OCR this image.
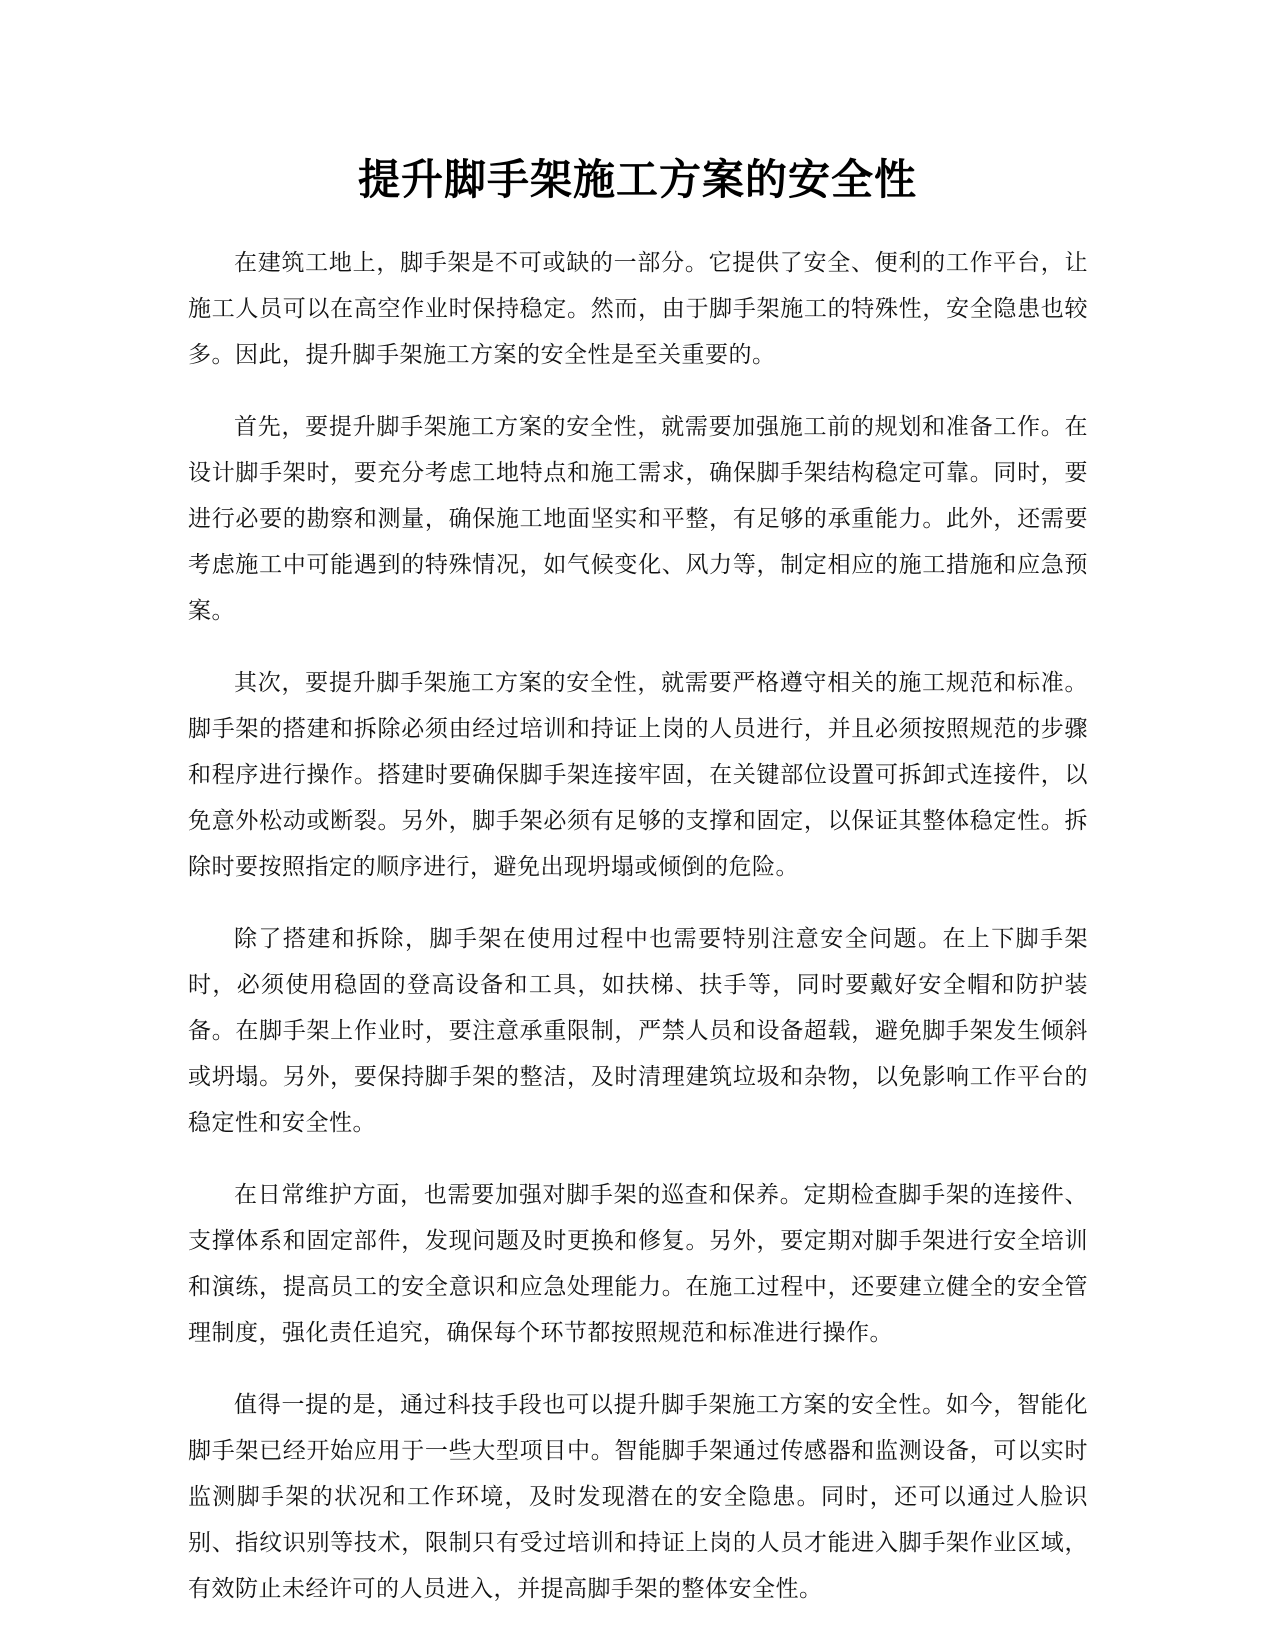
提升脚手架施工方案的安全性

在建筑工地上，脚手架是不可或缺的一部分。它提供了安全、便利的工作平台，让施工人员可以在高空作业时保持稳定。然而，由于脚手架施工的特殊性，安全隐患也较多。因此，提升脚手架施工方案的安全性是至关重要的。

首先，要提升脚手架施工方案的安全性，就需要加强施工前的规划和准备工作。在设计脚手架时，要充分考虑工地特点和施工需求，确保脚手架结构稳定可靠。同时，要进行必要的勘察和测量，确保施工地面坚实和平整，有足够的承重能力。此外，还需要考虑施工中可能遇到的特殊情况，如气候变化、风力等，制定相应的施工措施和应急预案。

其次，要提升脚手架施工方案的安全性，就需要严格遵守相关的施工规范和标准。脚手架的搭建和拆除必须由经过培训和持证上岗的人员进行，并且必须按照规范的步骤和程序进行操作。搭建时要确保脚手架连接牢固，在关键部位设置可拆卸式连接件，以免意外松动或断裂。另外，脚手架必须有足够的支撑和固定，以保证其整体稳定性。拆除时要按照指定的顺序进行，避免出现坍塌或倾倒的危险。

除了搭建和拆除，脚手架在使用过程中也需要特别注意安全问题。在上下脚手架时，必须使用稳固的登高设备和工具，如扶梯、扶手等，同时要戴好安全帽和防护装备。在脚手架上作业时，要注意承重限制，严禁人员和设备超载，避免脚手架发生倾斜或坍塌。另外，要保持脚手架的整洁，及时清理建筑垃圾和杂物，以免影响工作平台的稳定性和安全性。

在日常维护方面，也需要加强对脚手架的巡查和保养。定期检查脚手架的连接件、支撑体系和固定部件，发现问题及时更换和修复。另外，要定期对脚手架进行安全培训和演练，提高员工的安全意识和应急处理能力。在施工过程中，还要建立健全的安全管理制度，强化责任追究，确保每个环节都按照规范和标准进行操作。

值得一提的是，通过科技手段也可以提升脚手架施工方案的安全性。如今，智能化脚手架已经开始应用于一些大型项目中。智能脚手架通过传感器和监测设备，可以实时监测脚手架的状况和工作环境，及时发现潜在的安全隐患。同时，还可以通过人脸识别、指纹识别等技术，限制只有受过培训和持证上岗的人员才能进入脚手架作业区域，有效防止未经许可的人员进入，并提高脚手架的整体安全性。
